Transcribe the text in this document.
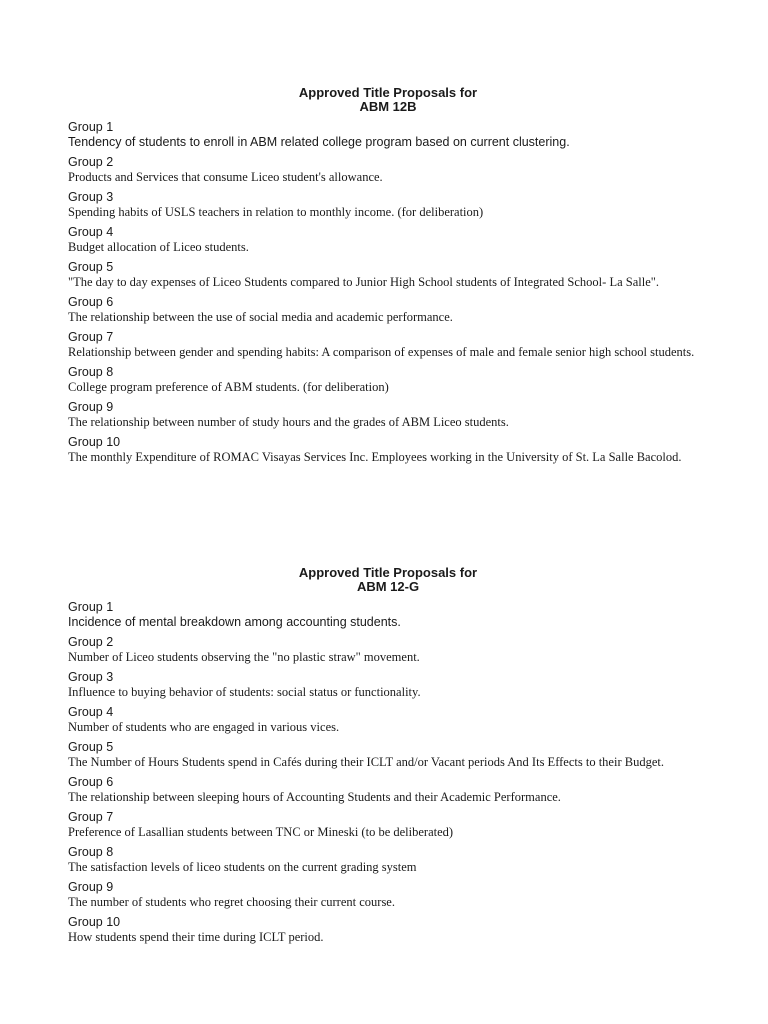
Approved Title Proposals for
ABM 12B
Group 1
Tendency of students to enroll in ABM related college program based on current clustering.
Group 2
Products and Services that consume Liceo student's allowance.
Group 3
Spending habits of USLS teachers in relation to monthly income. (for deliberation)
Group 4
Budget allocation of Liceo students.
Group 5
"The day to day expenses of Liceo Students compared to Junior High School students of Integrated School- La Salle".
Group 6
The relationship between the use of social media and academic performance.
Group 7
Relationship between gender and spending habits: A comparison of expenses of male and female senior high school students.
Group 8
College program preference of ABM students. (for deliberation)
Group 9
The relationship between number of study hours and the grades of ABM Liceo students.
Group 10
The monthly Expenditure of ROMAC Visayas Services Inc. Employees working in the University of St. La Salle Bacolod.
Approved Title Proposals for
ABM 12-G
Group 1
Incidence of mental breakdown among accounting students.
Group 2
Number of Liceo students observing the "no plastic straw" movement.
Group 3
Influence to buying behavior of students: social status or functionality.
Group 4
Number of students who are engaged in various vices.
Group 5
The Number of Hours Students spend in Cafés during their ICLT and/or Vacant periods And Its Effects to their Budget.
Group 6
The relationship between sleeping hours of Accounting Students and their Academic Performance.
Group 7
Preference of Lasallian students between TNC or Mineski (to be deliberated)
Group 8
The satisfaction levels of liceo students on the current grading system
Group 9
The number of students who regret choosing their current course.
Group 10
How students spend their time during ICLT period.
